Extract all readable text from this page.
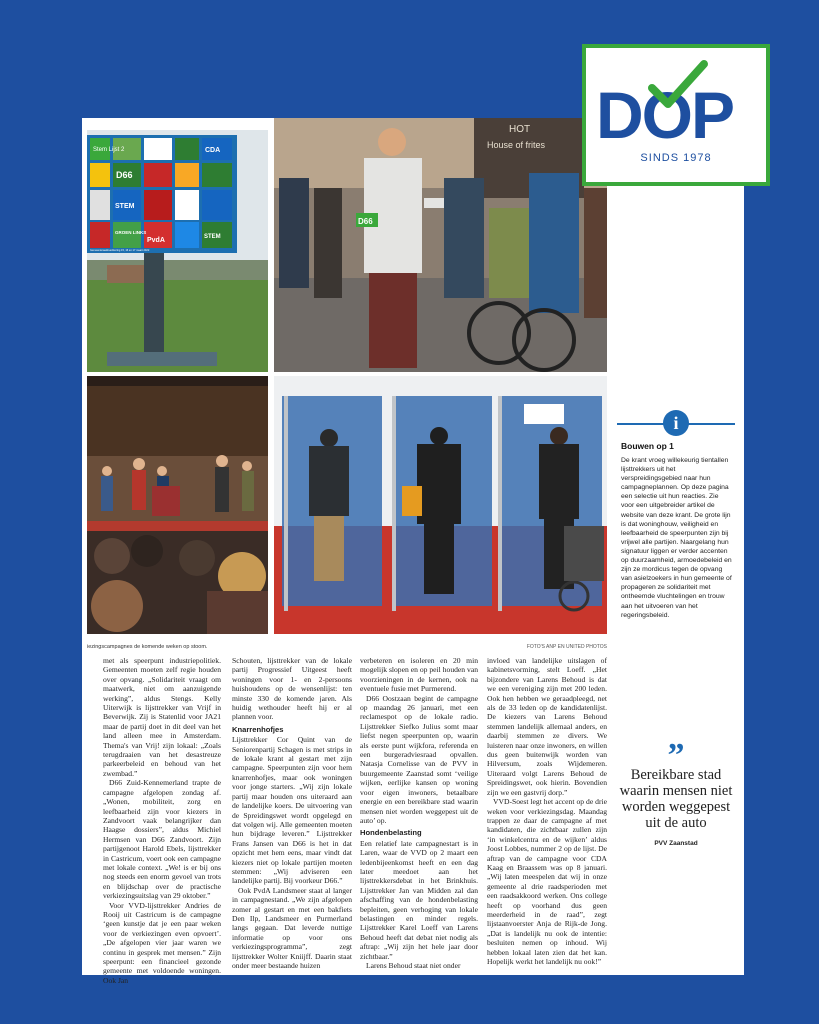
Stem Lijst 2	CDA
D66
STEM
GROEN LINKS
PvdA	STEM
Gemeenteraadsverkiezing 15, 16 en 17 maart 2022
HOT
House of frites
D66
iezingscampagnes de komende weken op stoom.	FOTO'S ANP EN UNITED PHOTOS

met als speerpunt industriepolitiek. Gemeenten moeten zelf regie houden over opvang. „Solidariteit vraagt om maatwerk, niet om aanzuigende werking”, aldus Stengs. Kelly Uiterwijk is lijsttrekker van Vrijf in Beverwijk. Zij is Statenlid voor JA21 maar de partij doet in dit deel van het land alleen mee in Amsterdam. Thema's van Vrij! zijn lokaal: „Zoals terugdraaien van het desastreuze parkeerbeleid en behoud van het zwembad.”

D66 Zuid-Kennemerland trapte de campagne afgelopen zondag af. „Wonen, mobiliteit, zorg en leefbaarheid zijn voor kiezers in Zandvoort vaak belangrijker dan Haagse dossiers”, aldus Michiel Hermsen van D66 Zandvoort. Zijn partijgenoot Harold Ebels, lijsttrekker in Castricum, voert ook een campagne met lokale context. „We! is er bij ons nog steeds een enorm gevoel van trots en blijdschap over de practische verkiezingsuitslag van 29 oktober.”

Voor VVD-lijsttrekker Andries de Rooij uit Castricum is de campagne ‘geen kunstje dat je een paar weken voor de verkiezingen even opvoert’. „De afgelopen vier jaar waren we continu in gesprek met mensen.” Zijn speerpunt: een financieel gezonde gemeente met voldoende woningen. Ook Jan

Schouten, lijsttrekker van de lokale partij Progressief Uitgeest heeft woningen voor 1- en 2-persoons huishoudens op de wensenlijst: ten minste 330 de komende jaren. Als huidig wethouder heeft hij er al plannen voor.

Knarrenhofjes

Lijsttrekker Cor Quint van de Seniorenpartij Schagen is met strips in de lokale krant al gestart met zijn campagne. Speerpunten zijn voor hem knarrenhofjes, maar ook woningen voor jonge starters. „Wij zijn lokale partij maar houden ons uiteraard aan de landelijke koers. De uitvoering van de Spreidingswet wordt opgelegd en dat volgen wij. Alle gemeenten moeten hun bijdrage leveren.” Lijsttrekker Frans Jansen van D66 is het in dat opzicht met hem eens, maar vindt dat kiezers niet op lokale partijen moeten stemmen: „Wij adviseren een landelijke partij. Bij voorkeur D66.”

Ook PvdA Landsmeer staat al langer in campagnestand. „We zijn afgelopen zomer al gestart en met een bakfiets Den Ilp, Landsmeer en Purmerland langs gegaan. Dat leverde nuttige informatie op voor ons verkiezingsprogramma”, zegt lijsttrekker Wolter Kniijff. Daarin staat onder meer bestaande huizen

verbeteren en isoleren en 20 min mogelijk slopen en op peil houden van voorzieningen in de kernen, ook na eventuele fusie met Purmerend.

D66 Oostzaan begint de campagne op maandag 26 januari, met een reclamespot op de lokale radio. Lijsttrekker Siefko Julius somt maar liefst negen speerpunten op, waarin als eerste punt wijkfora, referenda en een burgeradviesraad opvallen. Natasja Cornelisse van de PVV in buurgemeente Zaanstad somt ‘veilige wijken, eerlijke kansen op woning voor eigen inwoners, betaalbare energie en een bereikbare stad waarin mensen niet worden weggepest uit de auto’ op.

Hondenbelasting

Een relatief late campagnestart is in Laren, waar de VVD op 2 maart een ledenbijeenkomst heeft en een dag later meedoet aan het lijsttrekkersdebat in het Brinkhuis. Lijsttrekker Jan van Midden zal dan afschaffing van de hondenbelasting bepleiten, geen verhoging van lokale belastingen en minder regels. Lijsttrekker Karel Loeff van Larens Behoud heeft dat debat niet nodig als aftrap: „Wij zijn het hele jaar door zichtbaar.”

Larens Behoud staat niet onder

invloed van landelijke uitslagen of kabinetsvorming, stelt Loeff. „Het bijzondere van Larens Behoud is dat we een vereniging zijn met 200 leden. Ook hen hebben we geraadpleegd, net als de 33 leden op de kandidatenlijst. De kiezers van Larens Behoud stemmen landelijk allemaal anders, en daarbij stemmen ze divers. We luisteren naar onze inwoners, en willen dus geen buitenwijk worden van Hilversum, zoals Wijdemeren. Uiteraard volgt Larens Behoud de Spreidingswet, ook hierin. Bovendien zijn we een gastvrij dorp.”

VVD-Soest legt het accent op de drie weken voor verkiezingsdag. Maandag trappen ze daar de campagne af met kandidaten, die zichtbaar zullen zijn ‘in winkelcentra en de wijken’ aldus Joost Lobbes, nummer 2 op de lijst. De aftrap van de campagne voor CDA Kaag en Braassem was op 8 januari. „Wij laten meespelen dat wij in onze gemeente al drie raadsperioden met een raadsakkoord werken. Ons college heeft op voorhand dus geen meerderheid in de raad”, zegt lijstaanvoerster Anja de Rijk-de Jong. „Dat is landelijk nu ook de intentie: besluiten nemen op inhoud. Wij hebben lokaal laten zien dat het kan. Hopelijk werkt het landelijk nu ook!”

i
Bouwen op 1
De krant vroeg willekeurig tientallen lijsttrekkers uit het verspreidingsgebied naar hun campagneplannen. Op deze pagina een selectie uit hun reacties. Zie voor een uitgebreider artikel de website van deze krant. De grote lijn is dat woninghouw, veiligheid en leefbaarheid de speerpunten zijn bij vrijwel alle partijen. Naargelang hun signatuur liggen er verder accenten op duurzaamheid, armoedebeleid en zijn ze mordicus tegen de opvang van asielzoekers in hun gemeente of propageren ze solidariteit met ontheemde vluchtelingen en trouw aan het uitvoeren van het regeringsbeleid.
”
Bereikbare stad waarin mensen niet worden weggepest uit de auto
PVV Zaanstad
DOP
SINDS 1978
